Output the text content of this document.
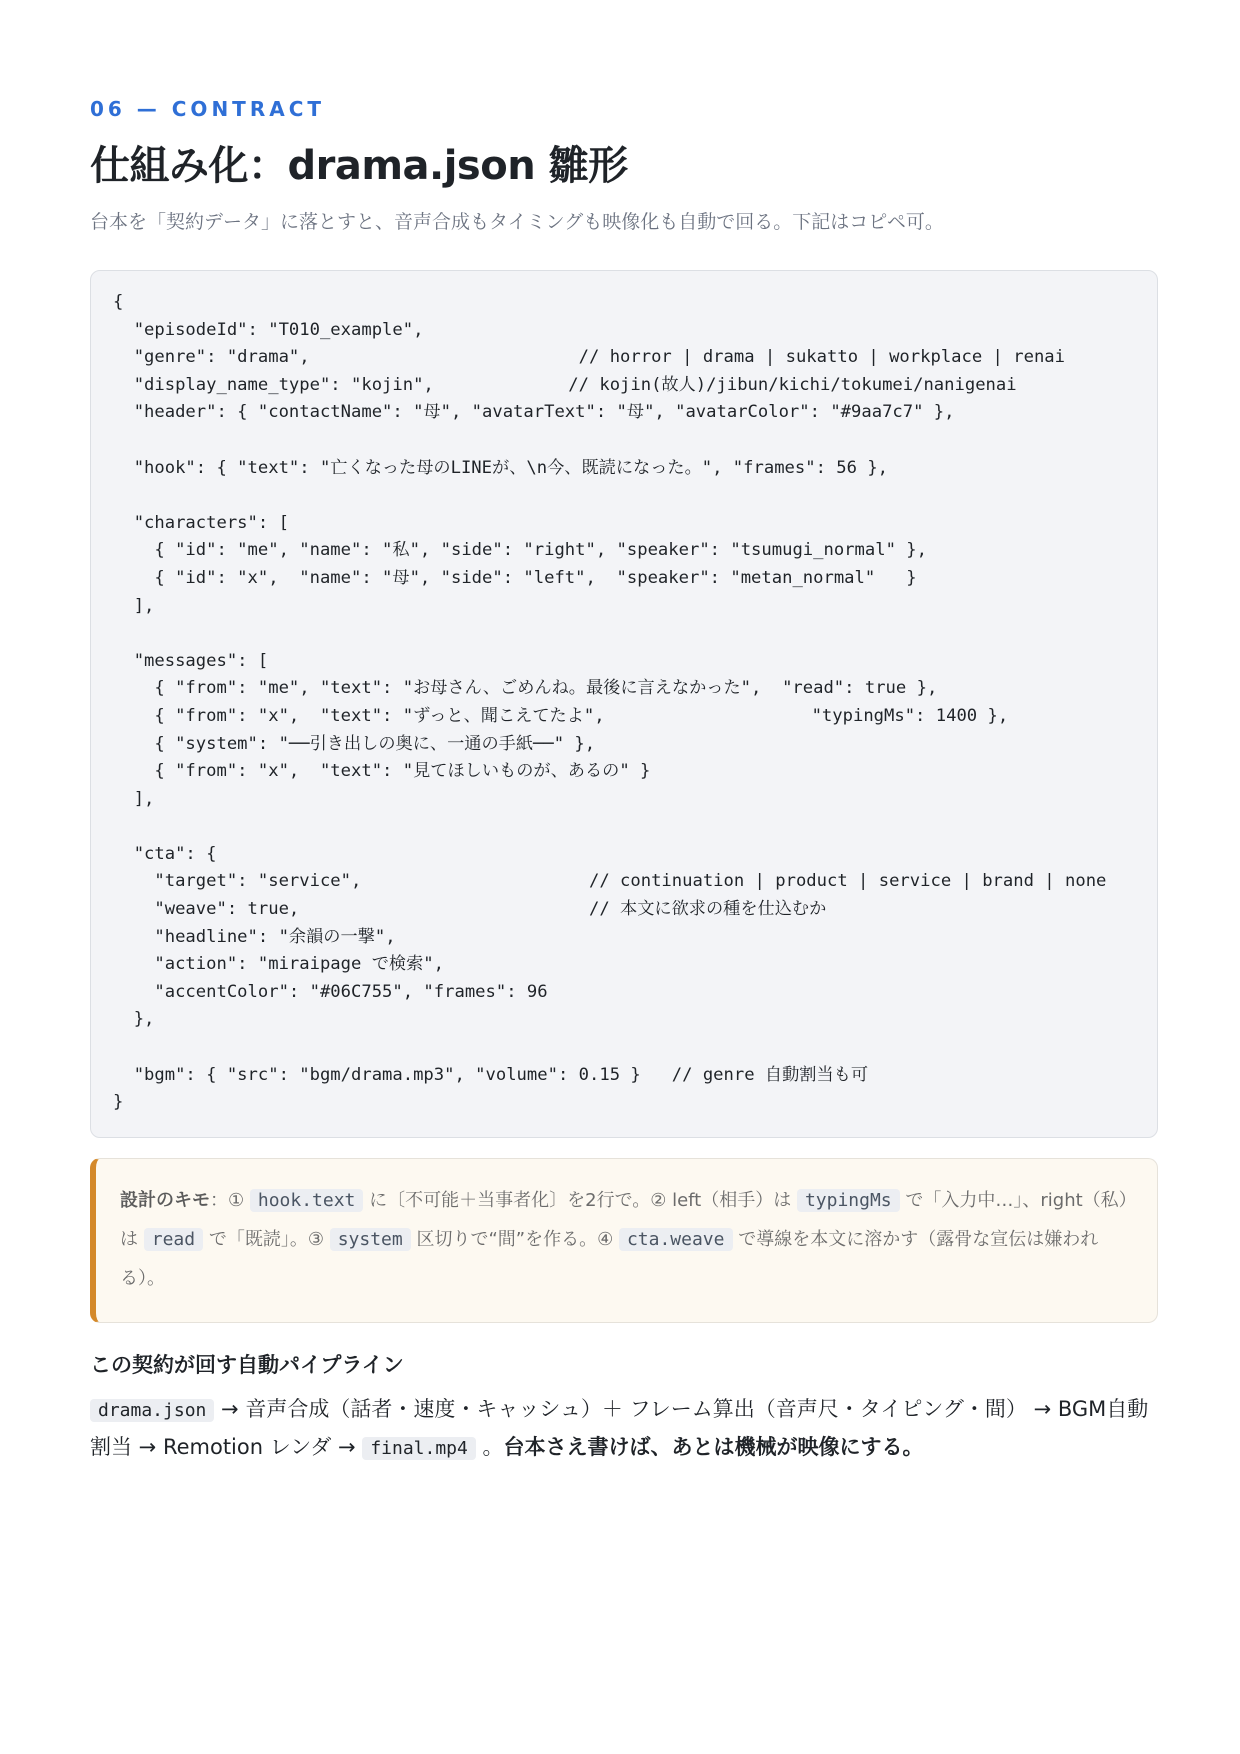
06 — CONTRACT
仕組み化：drama.json 雛形
台本を「契約データ」に落とすと、音声合成もタイミングも映像化も自動で回る。下記はコピペ可。
{
"episodeId": "T010_example",
"genre": "drama",                          // horror | drama | sukatto | workplace | renai
"display_name_type": "kojin",             // kojin(故人)/jibun/kichi/tokumei/nanigenai
"header": { "contactName": "母", "avatarText": "母", "avatarColor": "#9aa7c7" },
"hook": { "text": "亡くなった母のLINEが、\n今、既読になった。", "frames": 56 },
"characters": [
{ "id": "me", "name": "私", "side": "right", "speaker": "tsumugi_normal" },
{ "id": "x",  "name": "母", "side": "left",  "speaker": "metan_normal"   }
],
"messages": [
{ "from": "me", "text": "お母さん、ごめんね。最後に言えなかった",  "read": true },
{ "from": "x",  "text": "ずっと、聞こえてたよ",                    "typingMs": 1400 },
{ "system": "──引き出しの奥に、一通の手紙──" },
{ "from": "x",  "text": "見てほしいものが、あるの" }
],
"cta": {
"target": "service",                      // continuation | product | service | brand | none
"weave": true,                            // 本文に欲求の種を仕込むか
"headline": "余韻の一撃",
"action": "miraipage で検索",
"accentColor": "#06C755", "frames": 96
},
"bgm": { "src": "bgm/drama.mp3", "volume": 0.15 }   // genre 自動割当も可
}
設計のキモ：① hook.text に〔不可能＋当事者化〕を2行で。② left（相手）は typingMs で「入力中…」、right（私）は read で「既読」。③ system 区切りで“間”を作る。④ cta.weave で導線を本文に溶かす（露骨な宣伝は嫌われる）。
この契約が回す自動パイプライン
drama.json → 音声合成（話者・速度・キャッシュ）＋ フレーム算出（音声尺・タイピング・間） → BGM自動割当 → Remotion レンダ → final.mp4 。台本さえ書けば、あとは機械が映像にする。
